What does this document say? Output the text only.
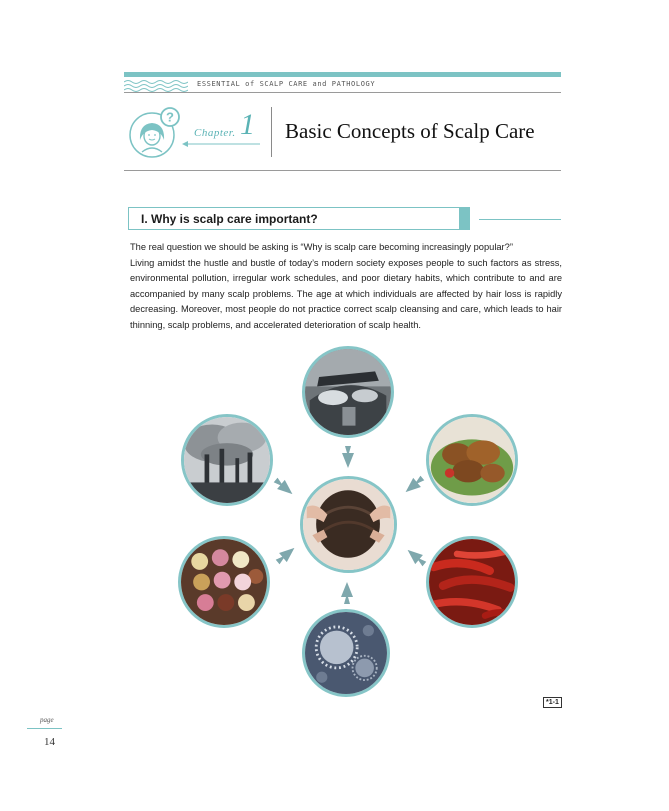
ESSENTIAL of SCALP CARE and PATHOLOGY
?
Chapter. 1 Basic Concepts of Scalp Care
I. Why is scalp care important?

The real question we should be asking is “Why is scalp care becoming increasingly popular?”

Living amidst the hustle and bustle of today’s modern society exposes people to such factors as stress, environmental pollution, irregular work schedules, and poor dietary habits, which contribute to and are accompanied by many scalp problems. The age at which individuals are affected by hair loss is rapidly decreasing. Moreover, most people do not practice correct scalp cleansing and care, which leads to hair thinning, scalp problems, and accelerated deterioration of scalp health.

*1-1
page
14
